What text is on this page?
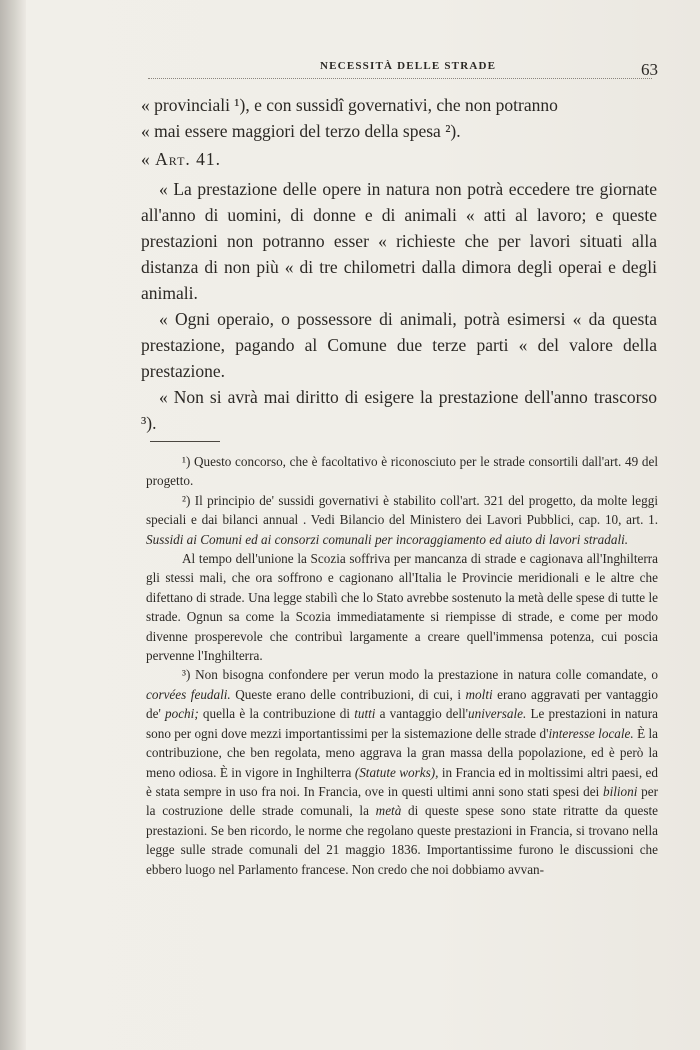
NECESSITÀ DELLE STRADE	63

« provinciali ¹), e con sussidî governativi, che non potranno
« mai essere maggiori del terzo della spesa ²).

« Art. 41.

« La prestazione delle opere in natura non potrà eccedere tre giornate all'anno di uomini, di donne e di animali « atti al lavoro; e queste prestazioni non potranno esser « richieste che per lavori situati alla distanza di non più « di tre chilometri dalla dimora degli operai e degli animali.

« Ogni operaio, o possessore di animali, potrà esimersi « da questa prestazione, pagando al Comune due terze parti « del valore della prestazione.

« Non si avrà mai diritto di esigere la prestazione dell'anno trascorso ³).

¹) Questo concorso, che è facoltativo è riconosciuto per le strade consortili dall'art. 49 del progetto.

²) Il principio de' sussidi governativi è stabilito coll'art. 321 del progetto, da molte leggi speciali e dai bilanci annual . Vedi Bilancio del Ministero dei Lavori Pubblici, cap. 10, art. 1. Sussidi ai Comuni ed ai consorzi comunali per incoraggiamento ed aiuto di lavori stradali.

Al tempo dell'unione la Scozia soffriva per mancanza di strade e cagionava all'Inghilterra gli stessi mali, che ora soffrono e cagionano all'Italia le Provincie meridionali e le altre che difettano di strade. Una legge stabilì che lo Stato avrebbe sostenuto la metà delle spese di tutte le strade. Ognun sa come la Scozia immediatamente si riempisse di strade, e come per modo divenne prosperevole che contribuì largamente a creare quell'immensa potenza, cui poscia pervenne l'Inghilterra.

³) Non bisogna confondere per verun modo la prestazione in natura colle comandate, o corvées feudali. Queste erano delle contribuzioni, di cui, i molti erano aggravati per vantaggio de' pochi; quella è la contribuzione di tutti a vantaggio dell'universale. Le prestazioni in natura sono per ogni dove mezzi importantissimi per la sistemazione delle strade d'interesse locale. È la contribuzione, che ben regolata, meno aggrava la gran massa della popolazione, ed è però la meno odiosa. È in vigore in Inghilterra (Statute works), in Francia ed in moltissimi altri paesi, ed è stata sempre in uso fra noi. In Francia, ove in questi ultimi anni sono stati spesi dei bilioni per la costruzione delle strade comunali, la metà di queste spese sono state ritratte da queste prestazioni. Se ben ricordo, le norme che regolano queste prestazioni in Francia, si trovano nella legge sulle strade comunali del 21 maggio 1836. Importantissime furono le discussioni che ebbero luogo nel Parlamento francese. Non credo che noi dobbiamo avvan-
